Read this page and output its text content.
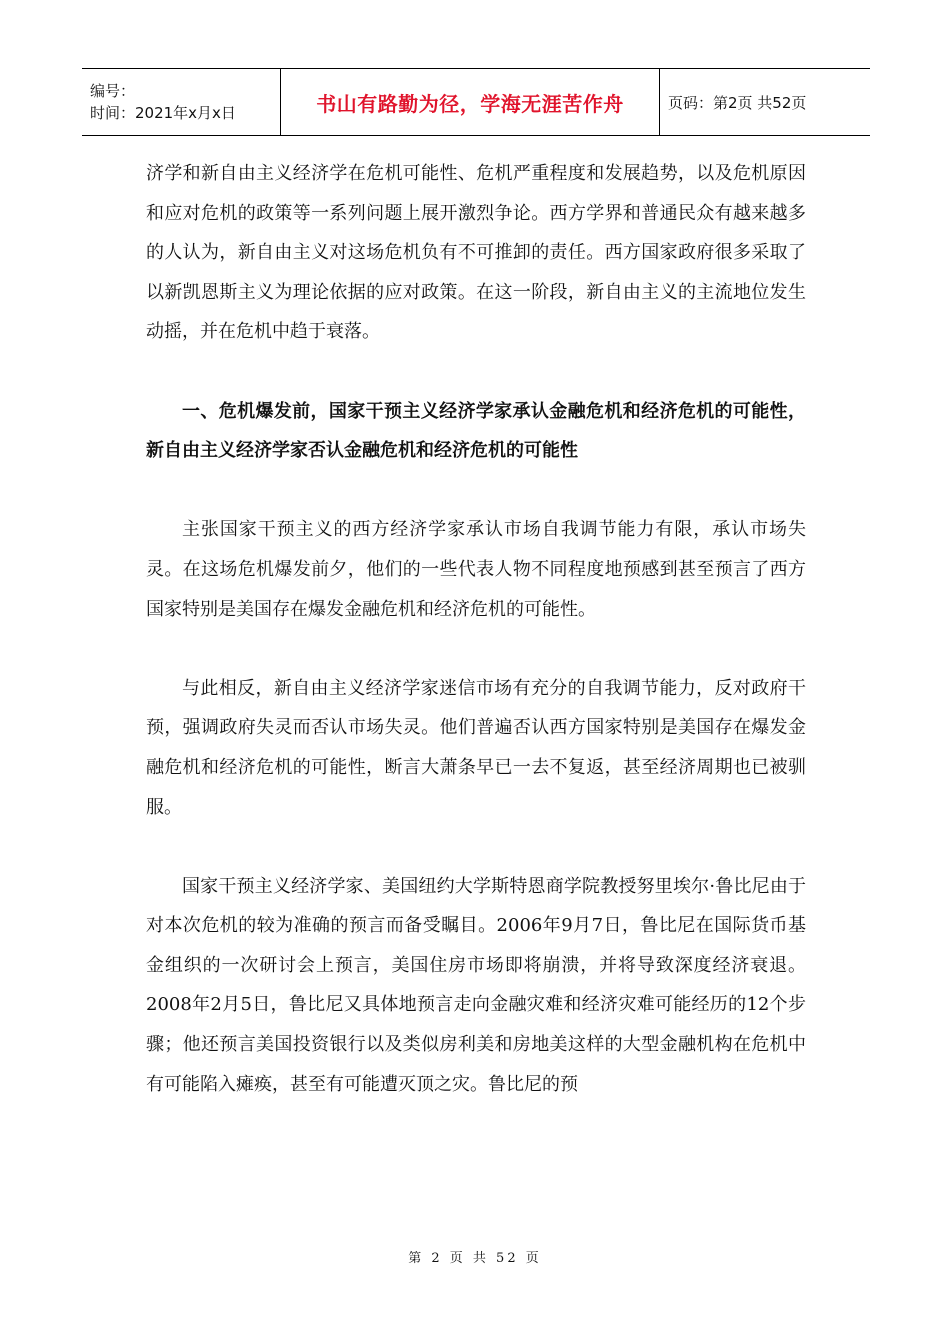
编号：
时间：2021年x月x日	书山有路勤为径，学海无涯苦作舟	页码：第2页 共52页

济学和新自由主义经济学在危机可能性、危机严重程度和发展趋势，以及危机原因和应对危机的政策等一系列问题上展开激烈争论。西方学界和普通民众有越来越多的人认为，新自由主义对这场危机负有不可推卸的责任。西方国家政府很多采取了以新凯恩斯主义为理论依据的应对政策。在这一阶段，新自由主义的主流地位发生动摇，并在危机中趋于衰落。

一、危机爆发前，国家干预主义经济学家承认金融危机和经济危机的可能性，新自由主义经济学家否认金融危机和经济危机的可能性

主张国家干预主义的西方经济学家承认市场自我调节能力有限，承认市场失灵。在这场危机爆发前夕，他们的一些代表人物不同程度地预感到甚至预言了西方国家特别是美国存在爆发金融危机和经济危机的可能性。

与此相反，新自由主义经济学家迷信市场有充分的自我调节能力，反对政府干预，强调政府失灵而否认市场失灵。他们普遍否认西方国家特别是美国存在爆发金融危机和经济危机的可能性，断言大萧条早已一去不复返，甚至经济周期也已被驯服。

国家干预主义经济学家、美国纽约大学斯特恩商学院教授努里埃尔·鲁比尼由于对本次危机的较为准确的预言而备受瞩目。2006年9月7日，鲁比尼在国际货币基金组织的一次研讨会上预言，美国住房市场即将崩溃，并将导致深度经济衰退。2008年2月5日，鲁比尼又具体地预言走向金融灾难和经济灾难可能经历的12个步骤；他还预言美国投资银行以及类似房利美和房地美这样的大型金融机构在危机中有可能陷入瘫痪，甚至有可能遭灭顶之灾。鲁比尼的预

第 2 页 共 52 页
